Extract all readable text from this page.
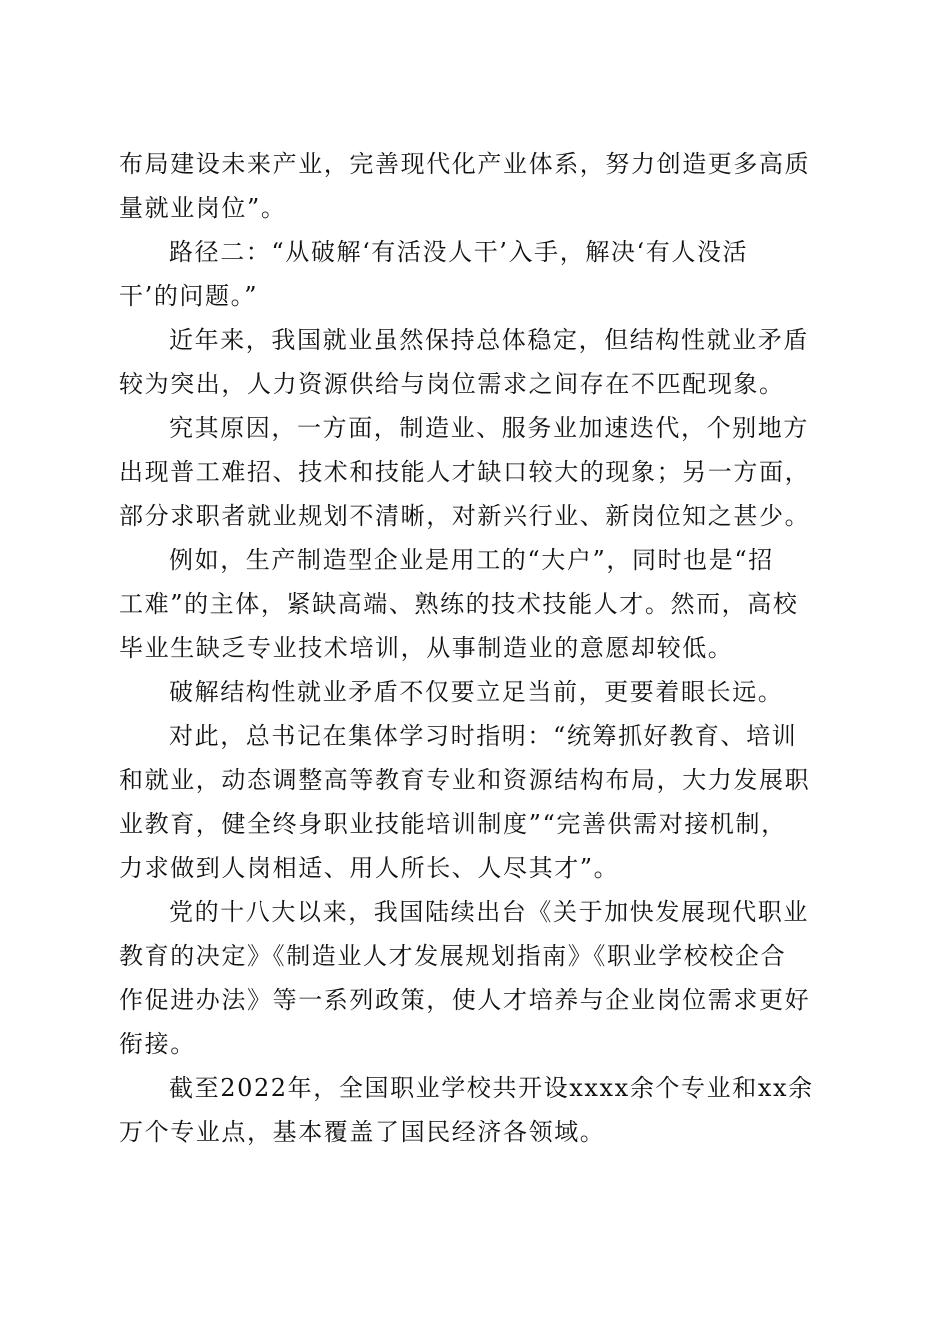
布局建设未来产业，完善现代化产业体系，努力创造更多高质
量就业岗位”。

路径二：“从破解‘有活没人干’入手，解决‘有人没活
干’的问题。”

近年来，我国就业虽然保持总体稳定，但结构性就业矛盾
较为突出，人力资源供给与岗位需求之间存在不匹配现象。

究其原因，一方面，制造业、服务业加速迭代，个别地方
出现普工难招、技术和技能人才缺口较大的现象；另一方面，
部分求职者就业规划不清晰，对新兴行业、新岗位知之甚少。

例如，生产制造型企业是用工的“大户”，同时也是“招
工难”的主体，紧缺高端、熟练的技术技能人才。然而，高校
毕业生缺乏专业技术培训，从事制造业的意愿却较低。

破解结构性就业矛盾不仅要立足当前，更要着眼长远。

对此，总书记在集体学习时指明：“统筹抓好教育、培训
和就业，动态调整高等教育专业和资源结构布局，大力发展职
业教育，健全终身职业技能培训制度”“完善供需对接机制，
力求做到人岗相适、用人所长、人尽其才”。

党的十八大以来，我国陆续出台《关于加快发展现代职业
教育的决定》《制造业人才发展规划指南》《职业学校校企合
作促进办法》等一系列政策，使人才培养与企业岗位需求更好
衔接。

截至2022年，全国职业学校共开设xxxx余个专业和xx余
万个专业点，基本覆盖了国民经济各领域。
